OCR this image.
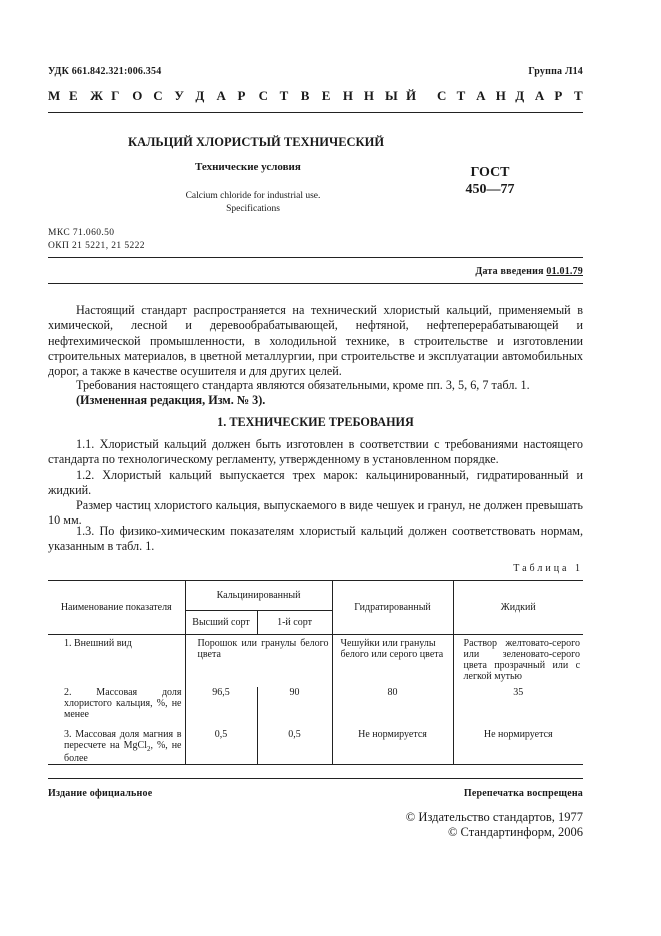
УДК 661.842.321:006.354	Группа Л14
М Е Ж Г О С У Д А Р С Т В Е Н Н Ы Й С Т А Н Д А Р Т
КАЛЬЦИЙ ХЛОРИСТЫЙ ТЕХНИЧЕСКИЙ
Технические условия
Calcium chloride for industrial use.
Specifications
ГОСТ
450—77
МКС 71.060.50
ОКП 21 5221, 21 5222
Дата введения 01.01.79
Настоящий стандарт распространяется на технический хлористый кальций, применяемый в химической, лесной и деревообрабатывающей, нефтяной, нефтеперерабатывающей и нефтехимической промышленности, в холодильной технике, в строительстве и изготовлении строительных материалов, в цветной металлургии, при строительстве и эксплуатации автомобильных дорог, а также в качестве осушителя и для других целей.
Требования настоящего стандарта являются обязательными, кроме пп. 3, 5, 6, 7 табл. 1.
(Измененная редакция, Изм. № 3).
1. ТЕХНИЧЕСКИЕ ТРЕБОВАНИЯ
1.1. Хлористый кальций должен быть изготовлен в соответствии с требованиями настоящего стандарта по технологическому регламенту, утвержденному в установленном порядке.
1.2. Хлористый кальций выпускается трех марок: кальцинированный, гидратированный и жидкий.
Размер частиц хлористого кальция, выпускаемого в виде чешуек и гранул, не должен превышать 10 мм.
1.3. По физико-химическим показателям хлористый кальций должен соответствовать нормам, указанным в табл. 1.
Таблица 1
Наименование показателя	Кальцинированный		Гидратированный	Жидкий
	Высший сорт	1-й сорт		
1. Внешний вид	Порошок или гранулы белого цвета		Чешуйки или гранулы белого или серого цвета	Раствор желтовато-серого или зеленовато-серого цвета прозрачный или с легкой мутью
2. Массовая доля хлористого кальция, %, не менее	96,5	90	80	35
3. Массовая доля магния в пересчете на MgCl$_2$, %, не более	0,5	0,5	Не нормируется	Не нормируется
Издание официальное	Перепечатка воспрещена
© Издательство стандартов, 1977
© Стандартинформ, 2006
